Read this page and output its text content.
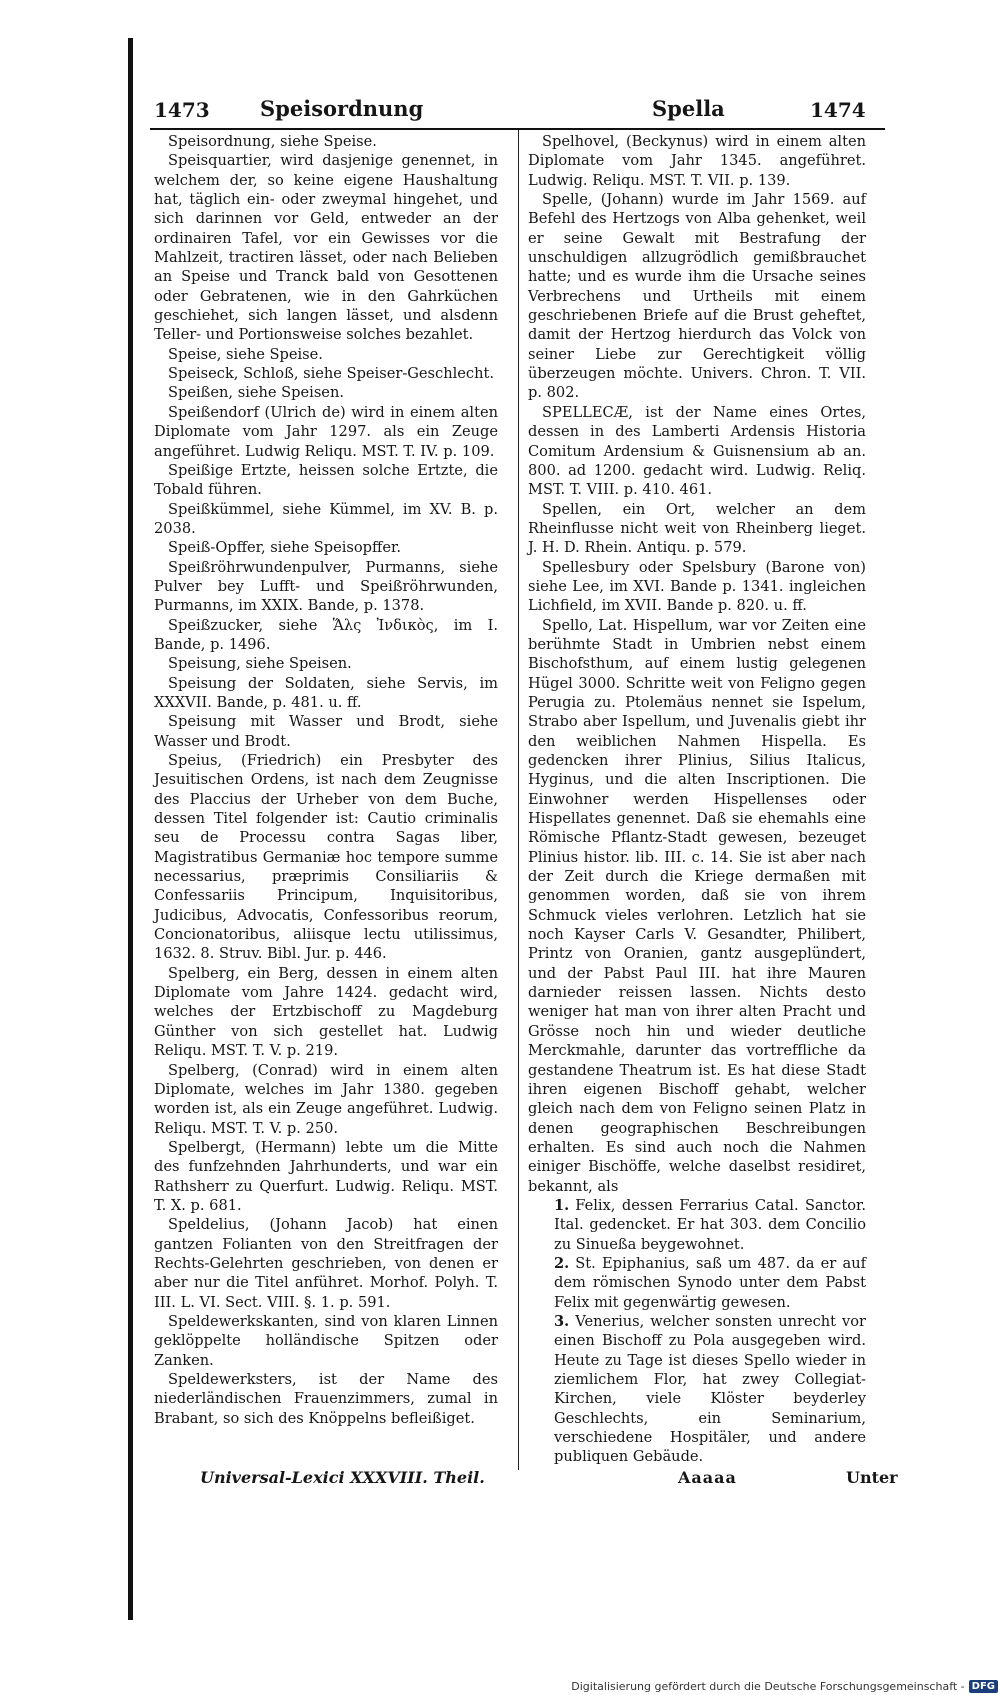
1473 Speisordnung	Spella	1474

Speisordnung, siehe Speise.

Speisquartier, wird dasjenige genennet, in welchem der, so keine eigene Haushaltung hat, täglich ein- oder zweymal hingehet, und sich darinnen vor Geld, entweder an der ordinairen Tafel, vor ein Gewisses vor die Mahlzeit, tractiren lässet, oder nach Belieben an Speise und Tranck bald von Gesottenen oder Gebratenen, wie in den Gahrküchen geschiehet, sich langen lässet, und alsdenn Teller- und Portionsweise solches bezahlet.

Speise, siehe Speise.

Speiseck, Schloß, siehe Speiser-Geschlecht.

Speißen, siehe Speisen.

Speißendorf (Ulrich de) wird in einem alten Diplomate vom Jahr 1297. als ein Zeuge angeführet. Ludwig Reliqu. MST. T. IV. p. 109.

Speißige Ertzte, heissen solche Ertzte, die Tobald führen.

Speißkümmel, siehe Kümmel, im XV. B. p. 2038.

Speiß-Opffer, siehe Speisopffer.

Speißröhrwundenpulver, Purmanns, siehe Pulver bey Lufft- und Speißröhrwunden, Purmanns, im XXIX. Bande, p. 1378.

Speißzucker, siehe Ἅλς Ἰνδικὸς, im I. Bande, p. 1496.

Speisung, siehe Speisen.

Speisung der Soldaten, siehe Servis, im XXXVII. Bande, p. 481. u. ff.

Speisung mit Wasser und Brodt, siehe Wasser und Brodt.

Speius, (Friedrich) ein Presbyter des Jesuitischen Ordens, ist nach dem Zeugnisse des Placcius der Urheber von dem Buche, dessen Titel folgender ist: Cautio criminalis seu de Processu contra Sagas liber, Magistratibus Germaniæ hoc tempore summe necessarius, præprimis Consiliariis & Confessariis Principum, Inquisitoribus, Judicibus, Advocatis, Confessoribus reorum, Concionatoribus, aliisque lectu utilissimus, 1632. 8. Struv. Bibl. Jur. p. 446.

Spelberg, ein Berg, dessen in einem alten Diplomate vom Jahre 1424. gedacht wird, welches der Ertzbischoff zu Magdeburg Günther von sich gestellet hat. Ludwig Reliqu. MST. T. V. p. 219.

Spelberg, (Conrad) wird in einem alten Diplomate, welches im Jahr 1380. gegeben worden ist, als ein Zeuge angeführet. Ludwig. Reliqu. MST. T. V. p. 250.

Spelbergt, (Hermann) lebte um die Mitte des funfzehnden Jahrhunderts, und war ein Rathsherr zu Querfurt. Ludwig. Reliqu. MST. T. X. p. 681.

Speldelius, (Johann Jacob) hat einen gantzen Folianten von den Streitfragen der Rechts-Gelehrten geschrieben, von denen er aber nur die Titel anführet. Morhof. Polyh. T. III. L. VI. Sect. VIII. §. 1. p. 591.

Speldewerkskanten, sind von klaren Linnen geklöppelte holländische Spitzen oder Zanken.

Speldewerksters, ist der Name des niederländischen Frauenzimmers, zumal in Brabant, so sich des Knöppelns befleißiget.

Spelhovel, (Beckynus) wird in einem alten Diplomate vom Jahr 1345. angeführet. Ludwig. Reliqu. MST. T. VII. p. 139.

Spelle, (Johann) wurde im Jahr 1569. auf Befehl des Hertzogs von Alba gehenket, weil er seine Gewalt mit Bestrafung der unschuldigen allzugrödlich gemißbrauchet hatte; und es wurde ihm die Ursache seines Verbrechens und Urtheils mit einem geschriebenen Briefe auf die Brust geheftet, damit der Hertzog hierdurch das Volck von seiner Liebe zur Gerechtigkeit völlig überzeugen möchte. Univers. Chron. T. VII. p. 802.

SPELLECÆ, ist der Name eines Ortes, dessen in des Lamberti Ardensis Historia Comitum Ardensium & Guisnensium ab an. 800. ad 1200. gedacht wird. Ludwig. Reliq. MST. T. VIII. p. 410. 461.

Spellen, ein Ort, welcher an dem Rheinflusse nicht weit von Rheinberg lieget. J. H. D. Rhein. Antiqu. p. 579.

Spellesbury oder Spelsbury (Barone von) siehe Lee, im XVI. Bande p. 1341. ingleichen Lichfield, im XVII. Bande p. 820. u. ff.

Spello, Lat. Hispellum, war vor Zeiten eine berühmte Stadt in Umbrien nebst einem Bischofsthum, auf einem lustig gelegenen Hügel 3000. Schritte weit von Feligno gegen Perugia zu. Ptolemäus nennet sie Ispelum, Strabo aber Ispellum, und Juvenalis giebt ihr den weiblichen Nahmen Hispella. Es gedencken ihrer Plinius, Silius Italicus, Hyginus, und die alten Inscriptionen. Die Einwohner werden Hispellenses oder Hispellates genennet. Daß sie ehemahls eine Römische Pflantz-Stadt gewesen, bezeuget Plinius histor. lib. III. c. 14. Sie ist aber nach der Zeit durch die Kriege dermaßen mit genommen worden, daß sie von ihrem Schmuck vieles verlohren. Letzlich hat sie noch Kayser Carls V. Gesandter, Philibert, Printz von Oranien, gantz ausgeplündert, und der Pabst Paul III. hat ihre Mauren darnieder reissen lassen. Nichts desto weniger hat man von ihrer alten Pracht und Grösse noch hin und wieder deutliche Merckmahle, darunter das vortreffliche da gestandene Theatrum ist. Es hat diese Stadt ihren eigenen Bischoff gehabt, welcher gleich nach dem von Feligno seinen Platz in denen geographischen Beschreibungen erhalten. Es sind auch noch die Nahmen einiger Bischöffe, welche daselbst residiret, bekannt, als

1. Felix, dessen Ferrarius Catal. Sanctor. Ital. gedencket. Er hat 303. dem Concilio zu Sinueßa beygewohnet.
2. St. Epiphanius, saß um 487. da er auf dem römischen Synodo unter dem Pabst Felix mit gegenwärtig gewesen.
3. Venerius, welcher sonsten unrecht vor einen Bischoff zu Pola ausgegeben wird. Heute zu Tage ist dieses Spello wieder in ziemlichem Flor, hat zwey Collegiat-Kirchen, viele Klöster beyderley Geschlechts, ein Seminarium, verschiedene Hospitäler, und andere publiquen Gebäude.
Universal-Lexici XXXVIII. Theil.	Aaaaa	Unter
Digitalisierung gefördert durch die Deutsche Forschungsgemeinschaft - DFG
